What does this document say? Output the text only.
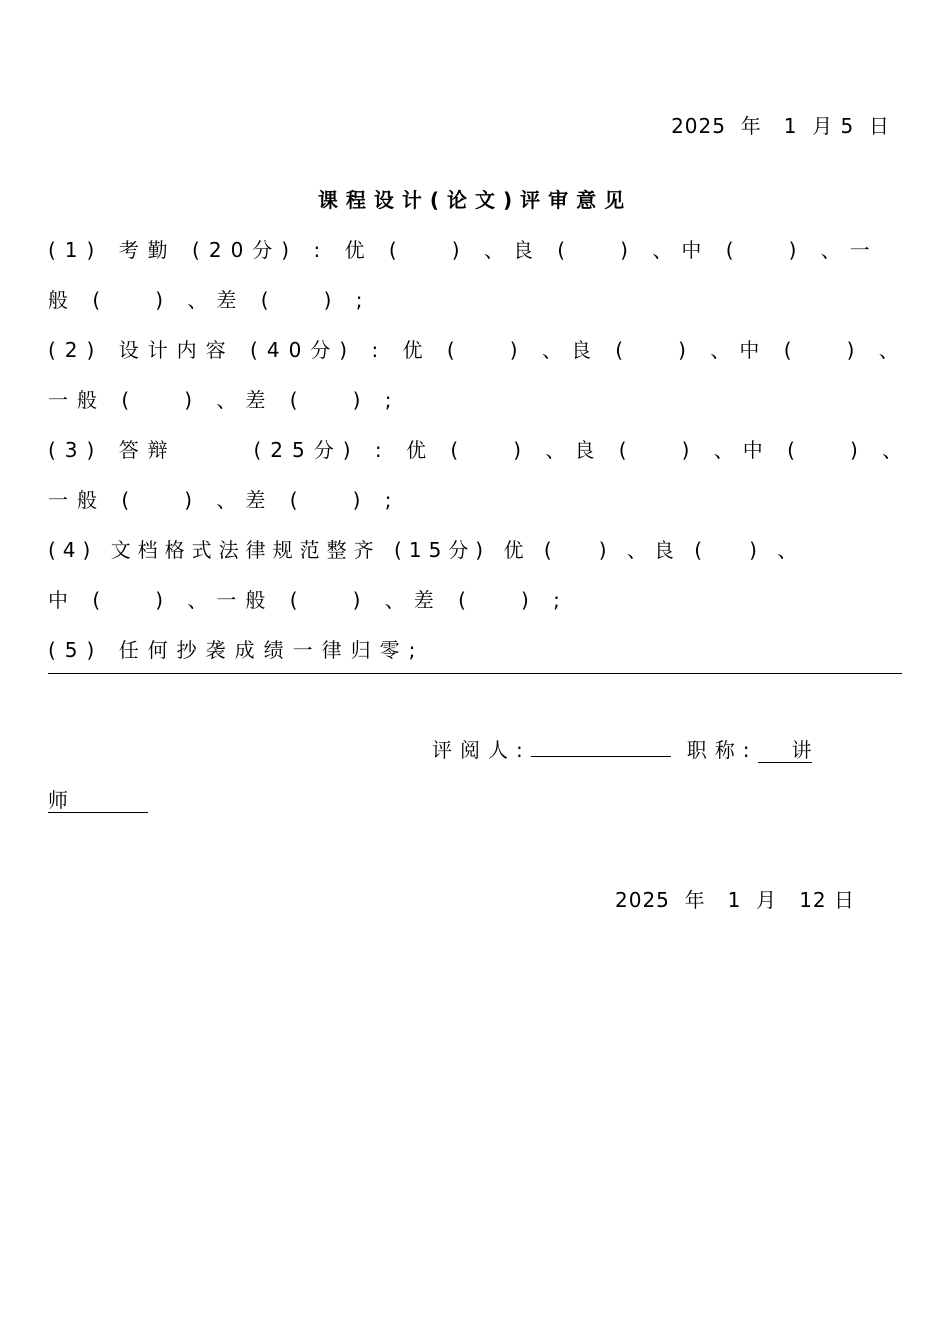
2025  年   1  月 5  日
课程设计(论文)评审意见
(1) 考勤 (20分) : 优 (   ) 、良 (   ) 、中 (   ) 、一
般 (   ) 、差 (   ) ;
(2) 设计内容 (40分) : 优 (   ) 、良 (   ) 、中 (   ) 、
一般 (   ) 、差 (   ) ;
(3) 答辩     (25分) : 优 (   ) 、良 (   ) 、中 (   ) 、
一般 (   ) 、差 (   ) ;
(4) 文档格式法律规范整齐 (15分) 优 (   ) 、良 (   ) 、
中 (   ) 、一般 (   ) 、差 (   ) ;
(5) 任何抄袭成绩一律归零;
评阅人:	职称: 讲
师
2025  年   1  月   12 日
